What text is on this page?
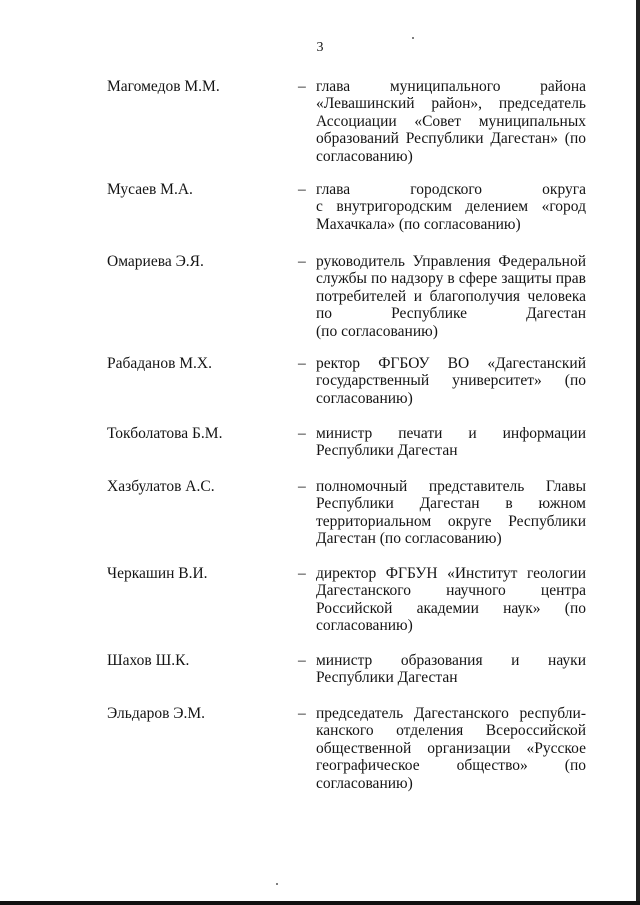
3
Магомедов М.М.	– глава муниципального района
«Левашинский район», председатель
Ассоциации «Совет муниципальных
образований Республики Дагестан» (по
согласованию)
Мусаев М.А.	– глава городского округа
с внутригородским делением «город
Махачкала» (по согласованию)
Омариева Э.Я.	– руководитель Управления Федеральной
службы по надзору в сфере защиты прав
потребителей и благополучия человека
по Республике Дагестан
(по согласованию)
Рабаданов М.Х.	– ректор ФГБОУ ВО «Дагестанский
государственный университет» (по
согласованию)
Токболатова Б.М.	– министр печати и информации
Республики Дагестан
Хазбулатов А.С.	– полномочный представитель Главы
Республики Дагестан в южном
территориальном округе Республики
Дагестан (по согласованию)
Черкашин В.И.	– директор ФГБУН «Институт геологии
Дагестанского научного центра
Российской академии наук» (по
согласованию)
Шахов Ш.К.	– министр образования и науки
Республики Дагестан
Эльдаров Э.М.	– председатель Дагестанского республи-
канского отделения Всероссийской
общественной организации «Русское
географическое общество» (по
согласованию)
